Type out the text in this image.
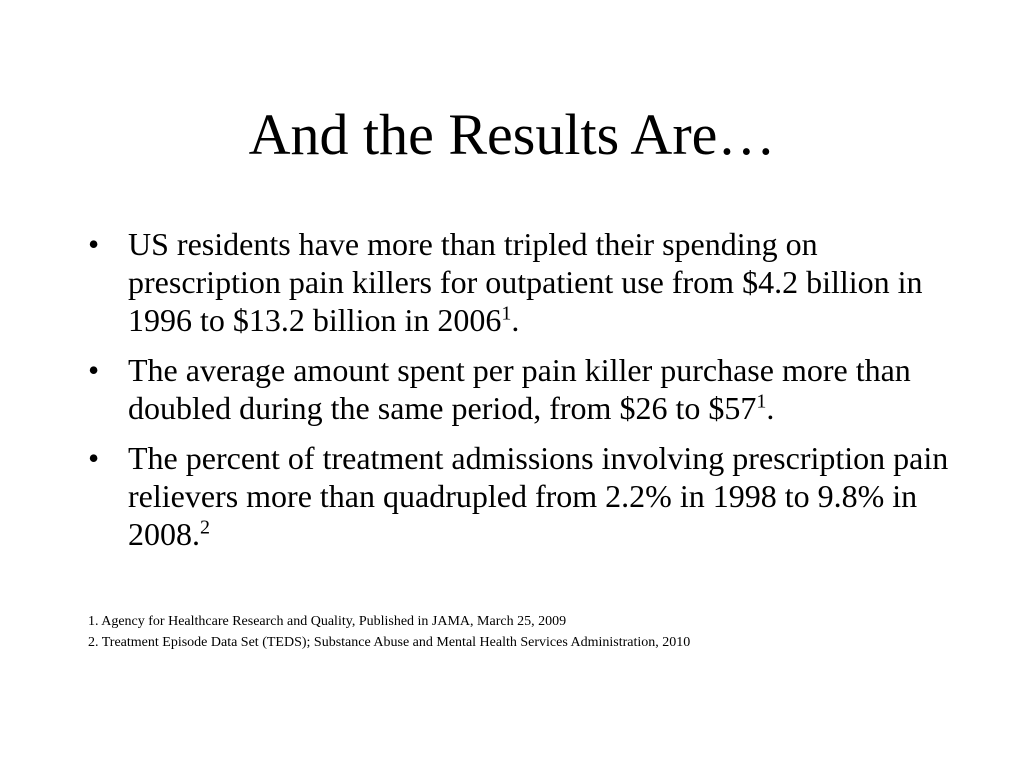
And the Results Are…
• US residents have more than tripled their spending on prescription pain killers for outpatient use from $4.2 billion in 1996 to $13.2 billion in 2006$^1$.
• The average amount spent per pain killer purchase more than doubled during the same period, from $26 to $\$57^1$.
• The percent of treatment admissions involving prescription pain relievers more than quadrupled from 2.2% in 1998 to 9.8% in 2008.$^2$

1. Agency for Healthcare Research and Quality, Published in JAMA, March 25, 2009

2. Treatment Episode Data Set (TEDS); Substance Abuse and Mental Health Services Administration, 2010
